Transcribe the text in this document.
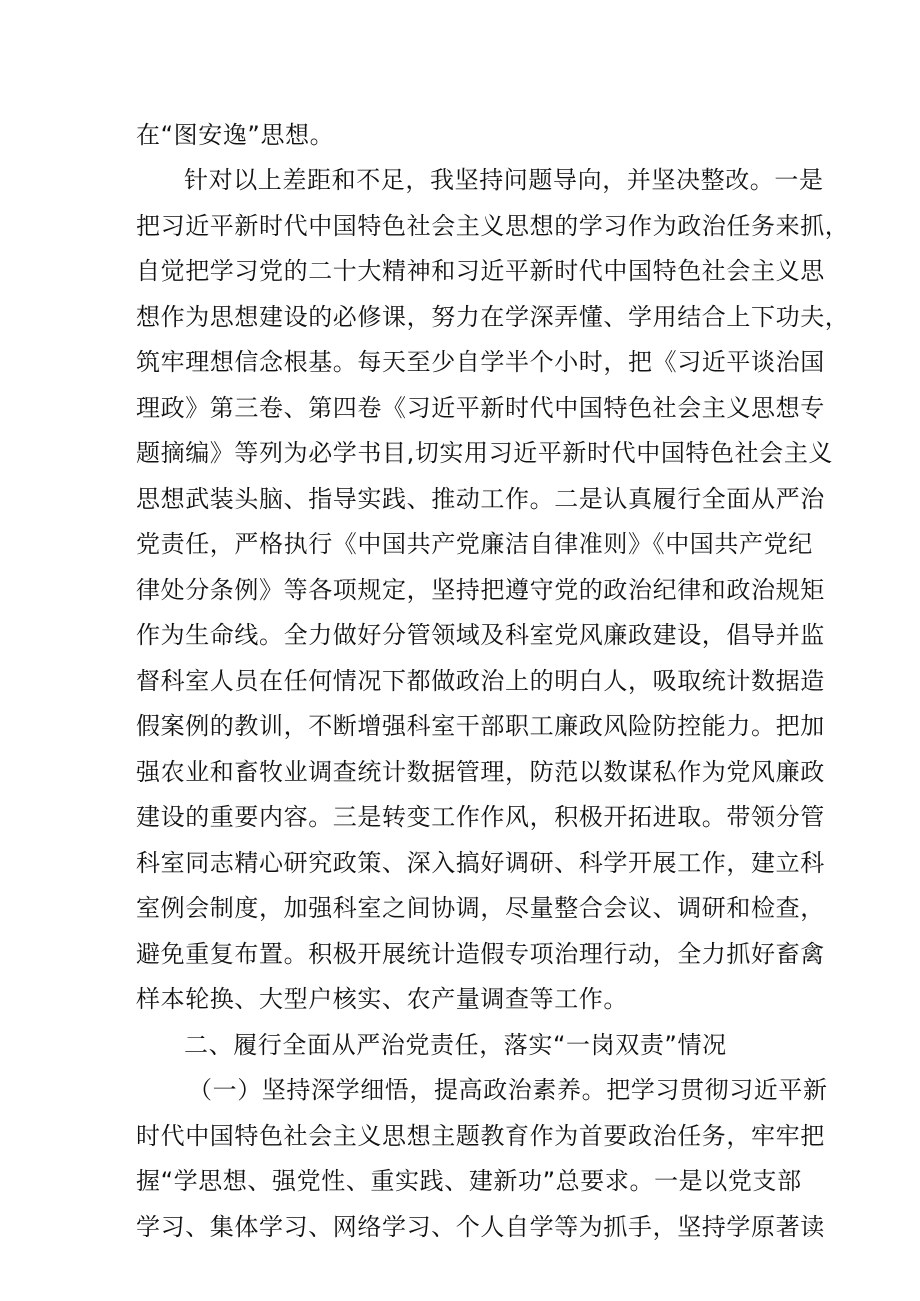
在“图安逸”思想。
针对以上差距和不足，我坚持问题导向，并坚决整改。一是
把习近平新时代中国特色社会主义思想的学习作为政治任务来抓，
自觉把学习党的二十大精神和习近平新时代中国特色社会主义思
想作为思想建设的必修课，努力在学深弄懂、学用结合上下功夫，
筑牢理想信念根基。每天至少自学半个小时，把《习近平谈治国
理政》第三卷、第四卷《习近平新时代中国特色社会主义思想专
题摘编》等列为必学书目,切实用习近平新时代中国特色社会主义
思想武装头脑、指导实践、推动工作。二是认真履行全面从严治
党责任，严格执行《中国共产党廉洁自律准则》《中国共产党纪
律处分条例》等各项规定，坚持把遵守党的政治纪律和政治规矩
作为生命线。全力做好分管领域及科室党风廉政建设，倡导并监
督科室人员在任何情况下都做政治上的明白人，吸取统计数据造
假案例的教训，不断增强科室干部职工廉政风险防控能力。把加
强农业和畜牧业调查统计数据管理，防范以数谋私作为党风廉政
建设的重要内容。三是转变工作作风，积极开拓进取。带领分管
科室同志精心研究政策、深入搞好调研、科学开展工作，建立科
室例会制度，加强科室之间协调，尽量整合会议、调研和检查，
避免重复布置。积极开展统计造假专项治理行动，全力抓好畜禽
样本轮换、大型户核实、农产量调查等工作。
二、履行全面从严治党责任，落实“一岗双责”情况
（一）坚持深学细悟，提高政治素养。把学习贯彻习近平新
时代中国特色社会主义思想主题教育作为首要政治任务，牢牢把
握“学思想、强党性、重实践、建新功”总要求。一是以党支部
学习、集体学习、网络学习、个人自学等为抓手，坚持学原著读
